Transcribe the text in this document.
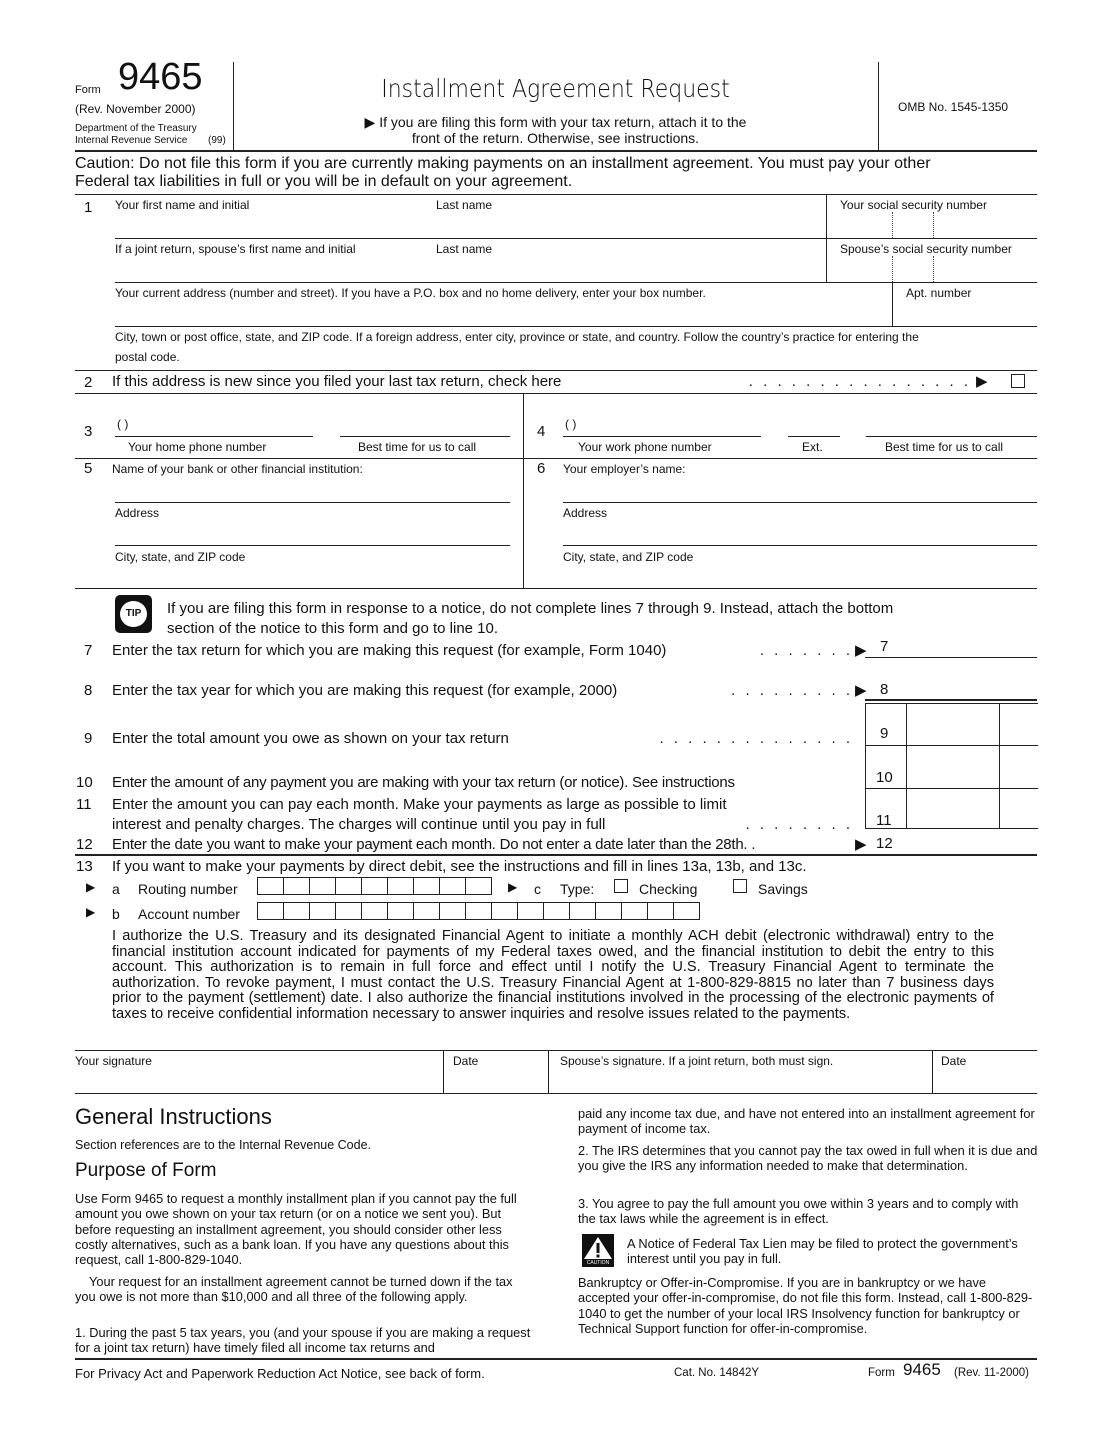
Form 9465
(Rev. November 2000)
Department of the Treasury
Internal Revenue Service (99)
Installment Agreement Request
▶ If you are filing this form with your tax return, attach it to the
front of the return. Otherwise, see instructions.
OMB No. 1545-1350
Caution: Do not file this form if you are currently making payments on an installment agreement. You must pay your other
Federal tax liabilities in full or you will be in default on your agreement.
1 Your first name and initial	Last name	Your social security number
If a joint return, spouse’s first name and initial	Last name	Spouse’s social security number
Your current address (number and street). If you have a P.O. box and no home delivery, enter your box number.	Apt. number
City, town or post office, state, and ZIP code. If a foreign address, enter city, province or state, and country. Follow the country’s practice for entering the
postal code.
2 If this address is new since you filed your last tax return, check here	. . . . . . . . . . . . . . . . ▶
3 ( )
Your home phone number	Best time for us to call
4 ( )
Your work phone number	Ext.	Best time for us to call
5 Name of your bank or other financial institution:
Address
City, state, and ZIP code
6 Your employer’s name:
Address
City, state, and ZIP code
TIP	If you are filing this form in response to a notice, do not complete lines 7 through 9. Instead, attach the bottom
section of the notice to this form and go to line 10.
7 Enter the tax return for which you are making this request (for example, Form 1040)	. . . . . . . ▶ 7
8 Enter the tax year for which you are making this request (for example, 2000)	. . . . . . . . . ▶ 8
9 Enter the total amount you owe as shown on your tax return	. . . . . . . . . . . . . . 9
10 Enter the amount of any payment you are making with your tax return (or notice). See instructions	10
11 Enter the amount you can pay each month. Make your payments as large as possible to limit
interest and penalty charges. The charges will continue until you pay in full	. . . . . . . . 11
12 Enter the date you want to make your payment each month. Do not enter a date later than the 28th. .	▶ 12
13 If you want to make your payments by direct debit, see the instructions and fill in lines 13a, 13b, and 13c.
▶ a Routing number	▶ c Type:	Checking	Savings
▶ b Account number
I authorize the U.S. Treasury and its designated Financial Agent to initiate a monthly ACH debit (electronic withdrawal) entry to the financial institution account indicated for payments of my Federal taxes owed, and the financial institution to debit the entry to this account. This authorization is to remain in full force and effect until I notify the U.S. Treasury Financial Agent to terminate the authorization. To revoke payment, I must contact the U.S. Treasury Financial Agent at 1-800-829-8815 no later than 7 business days prior to the payment (settlement) date. I also authorize the financial institutions involved in the processing of the electronic payments of taxes to receive confidential information necessary to answer inquiries and resolve issues related to the payments.
Your signature	Date	Spouse’s signature. If a joint return, both must sign.	Date
General Instructions
Section references are to the Internal Revenue Code.
Purpose of Form
Use Form 9465 to request a monthly installment plan if you cannot pay the full amount you owe shown on your tax return (or on a notice we sent you). But before requesting an installment agreement, you should consider other less costly alternatives, such as a bank loan. If you have any questions about this request, call 1-800-829-1040.
Your request for an installment agreement cannot be turned down if the tax you owe is not more than $10,000 and all three of the following apply.
1. During the past 5 tax years, you (and your spouse if you are making a request for a joint tax return) have timely filed all income tax returns and
paid any income tax due, and have not entered into an installment agreement for payment of income tax.
2. The IRS determines that you cannot pay the tax owed in full when it is due and you give the IRS any information needed to make that determination.
3. You agree to pay the full amount you owe within 3 years and to comply with the tax laws while the agreement is in effect.
CAUTION
A Notice of Federal Tax Lien may be filed to protect the government’s interest until you pay in full.
Bankruptcy or Offer-in-Compromise. If you are in bankruptcy or we have accepted your offer-in-compromise, do not file this form. Instead, call 1-800-829-1040 to get the number of your local IRS Insolvency function for bankruptcy or Technical Support function for offer-in-compromise.
For Privacy Act and Paperwork Reduction Act Notice, see back of form.	Cat. No. 14842Y	Form 9465 (Rev. 11-2000)
